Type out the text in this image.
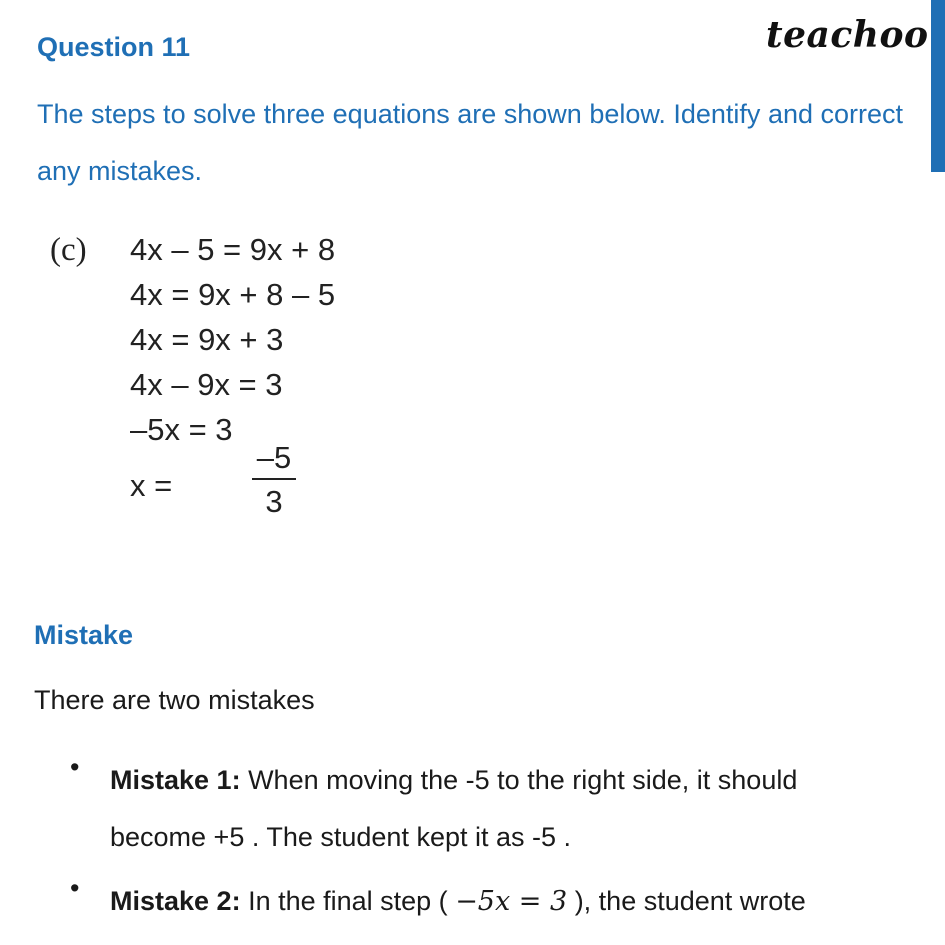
teachoo
Question 11
The steps to solve three equations are shown below. Identify and correct any mistakes.
(c) 4x – 5 = 9x + 8
4x = 9x + 8 – 5
4x = 9x + 3
4x – 9x = 3
–5x = 3
x =
–5
3
Mistake
There are two mistakes
• Mistake 1: When moving the -5 to the right side, it should become +5 . The student kept it as -5 .
• Mistake 2: In the final step ( −5x = 3 ), the student wrote
